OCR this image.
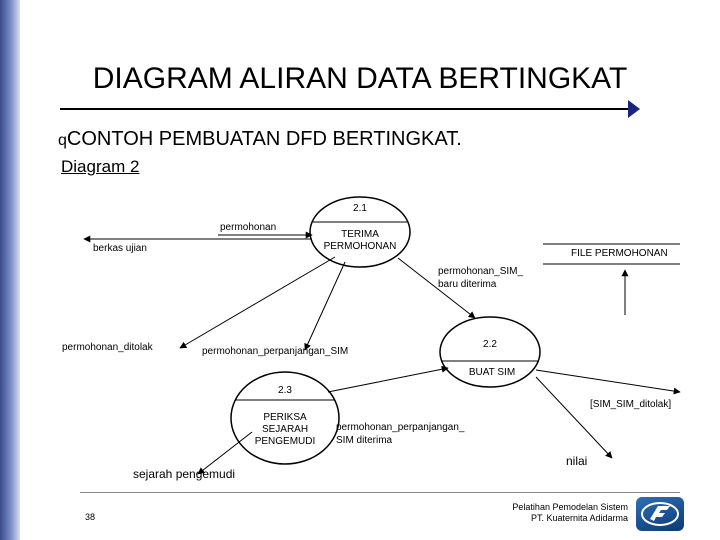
DIAGRAM ALIRAN DATA BERTINGKAT
qCONTOH PEMBUATAN DFD BERTINGKAT.
Diagram 2
2.1
TERIMA
PERMOHONAN
2.2
BUAT SIM
2.3
PERIKSA
SEJARAH
PENGEMUDI
FILE PERMOHONAN
permohonan
berkas ujian
permohonan_SIM_
baru diterima
permohonan_ditolak	permohonan_perpanjangan_SIM
[SIM_SIM_ditolak]
permohonan_perpanjangan_
SIM diterima
nilai
sejarah pengemudi
38
Pelatihan Pemodelan Sistem
PT. Kuaternita Adidarma
